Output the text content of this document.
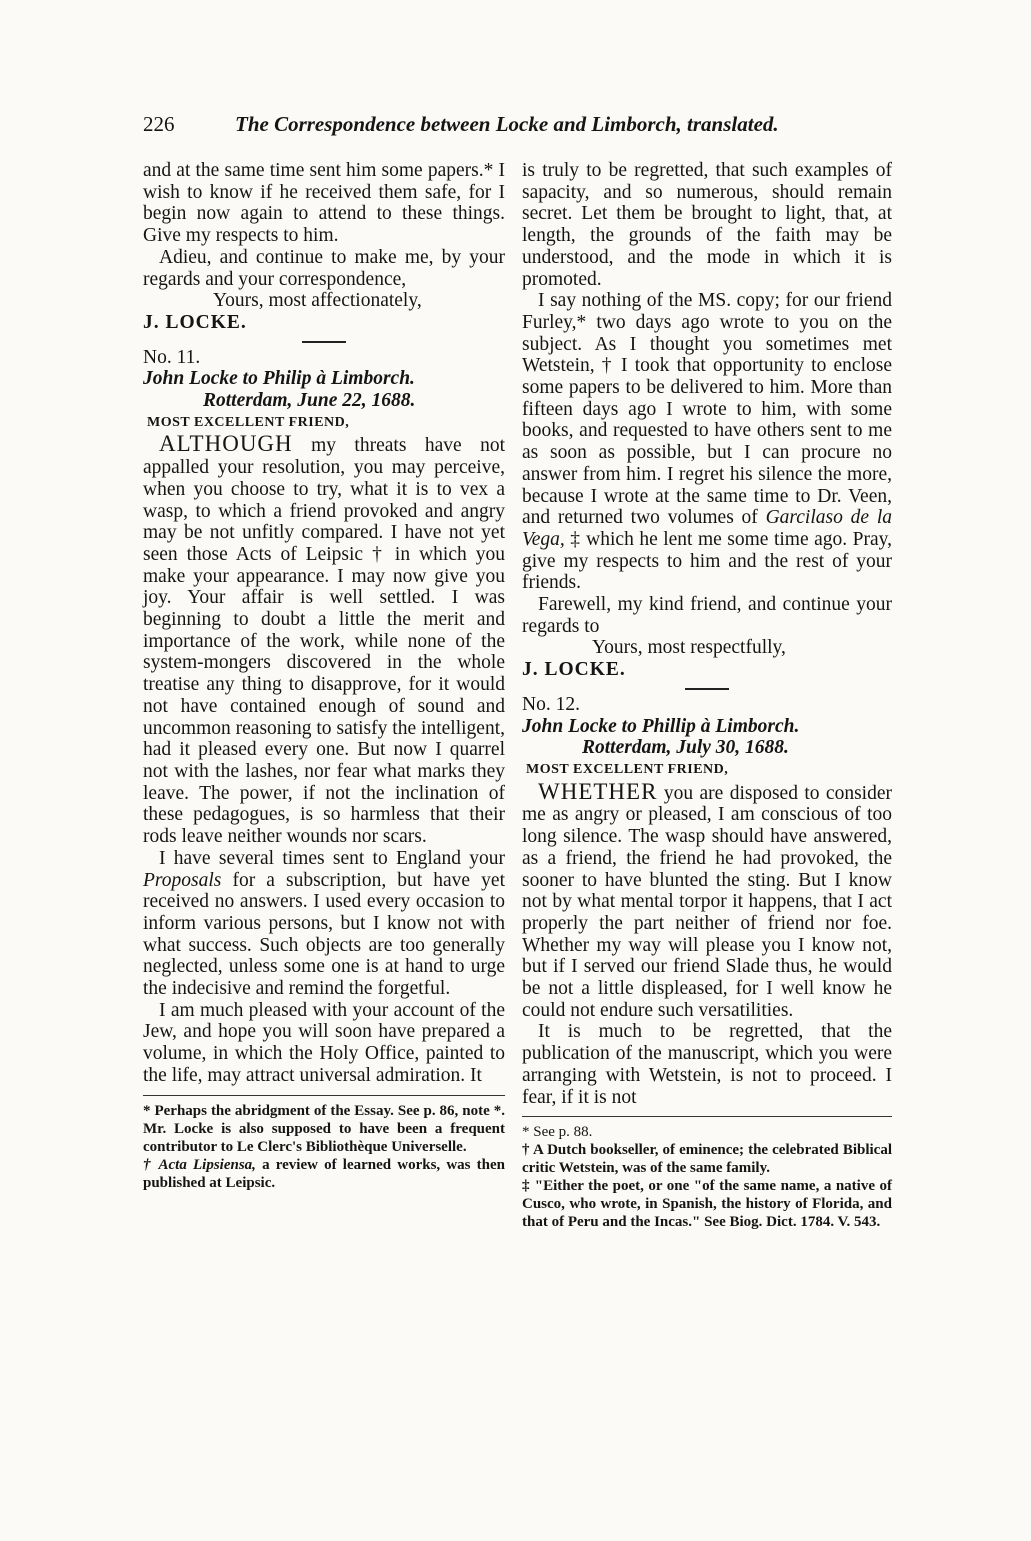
226	The Correspondence between Locke and Limborch, translated.

and at the same time sent him some papers.* I wish to know if he received them safe, for I begin now again to attend to these things. Give my respects to him.

Adieu, and continue to make me, by your regards and your correspondence,

Yours, most affectionately,

J. LOCKE.

No. 11.

John Locke to Philip à Limborch.

Rotterdam, June 22, 1688.

MOST EXCELLENT FRIEND,

ALTHOUGH my threats have not appalled your resolution, you may perceive, when you choose to try, what it is to vex a wasp, to which a friend provoked and angry may be not unfitly compared. I have not yet seen those Acts of Leipsic † in which you make your appearance. I may now give you joy. Your affair is well settled. I was beginning to doubt a little the merit and importance of the work, while none of the system-mongers discovered in the whole treatise any thing to disapprove, for it would not have contained enough of sound and uncommon reasoning to satisfy the intelligent, had it pleased every one. But now I quarrel not with the lashes, nor fear what marks they leave. The power, if not the inclination of these pedagogues, is so harmless that their rods leave neither wounds nor scars.

I have several times sent to England your Proposals for a subscription, but have yet received no answers. I used every occasion to inform various persons, but I know not with what success. Such objects are too generally neglected, unless some one is at hand to urge the indecisive and remind the forgetful.

I am much pleased with your account of the Jew, and hope you will soon have prepared a volume, in which the Holy Office, painted to the life, may attract universal admiration. It

* Perhaps the abridgment of the Essay. See p. 86, note *. Mr. Locke is also supposed to have been a frequent contributor to Le Clerc's Bibliothèque Universelle.

† Acta Lipsiensa, a review of learned works, was then published at Leipsic.

is truly to be regretted, that such examples of sapacity, and so numerous, should remain secret. Let them be brought to light, that, at length, the grounds of the faith may be understood, and the mode in which it is promoted.

I say nothing of the MS. copy; for our friend Furley,* two days ago wrote to you on the subject. As I thought you sometimes met Wetstein, † I took that opportunity to enclose some papers to be delivered to him. More than fifteen days ago I wrote to him, with some books, and requested to have others sent to me as soon as possible, but I can procure no answer from him. I regret his silence the more, because I wrote at the same time to Dr. Veen, and returned two volumes of Garcilaso de la Vega, ‡ which he lent me some time ago. Pray, give my respects to him and the rest of your friends.

Farewell, my kind friend, and continue your regards to

Yours, most respectfully,

J. LOCKE.

No. 12.

John Locke to Phillip à Limborch.

Rotterdam, July 30, 1688.

MOST EXCELLENT FRIEND,

WHETHER you are disposed to consider me as angry or pleased, I am conscious of too long silence. The wasp should have answered, as a friend, the friend he had provoked, the sooner to have blunted the sting. But I know not by what mental torpor it happens, that I act properly the part neither of friend nor foe. Whether my way will please you I know not, but if I served our friend Slade thus, he would be not a little displeased, for I well know he could not endure such versatilities.

It is much to be regretted, that the publication of the manuscript, which you were arranging with Wetstein, is not to proceed. I fear, if it is not

* See p. 88.

† A Dutch bookseller, of eminence; the celebrated Biblical critic Wetstein, was of the same family.

‡ "Either the poet, or one "of the same name, a native of Cusco, who wrote, in Spanish, the history of Florida, and that of Peru and the Incas." See Biog. Dict. 1784. V. 543.
